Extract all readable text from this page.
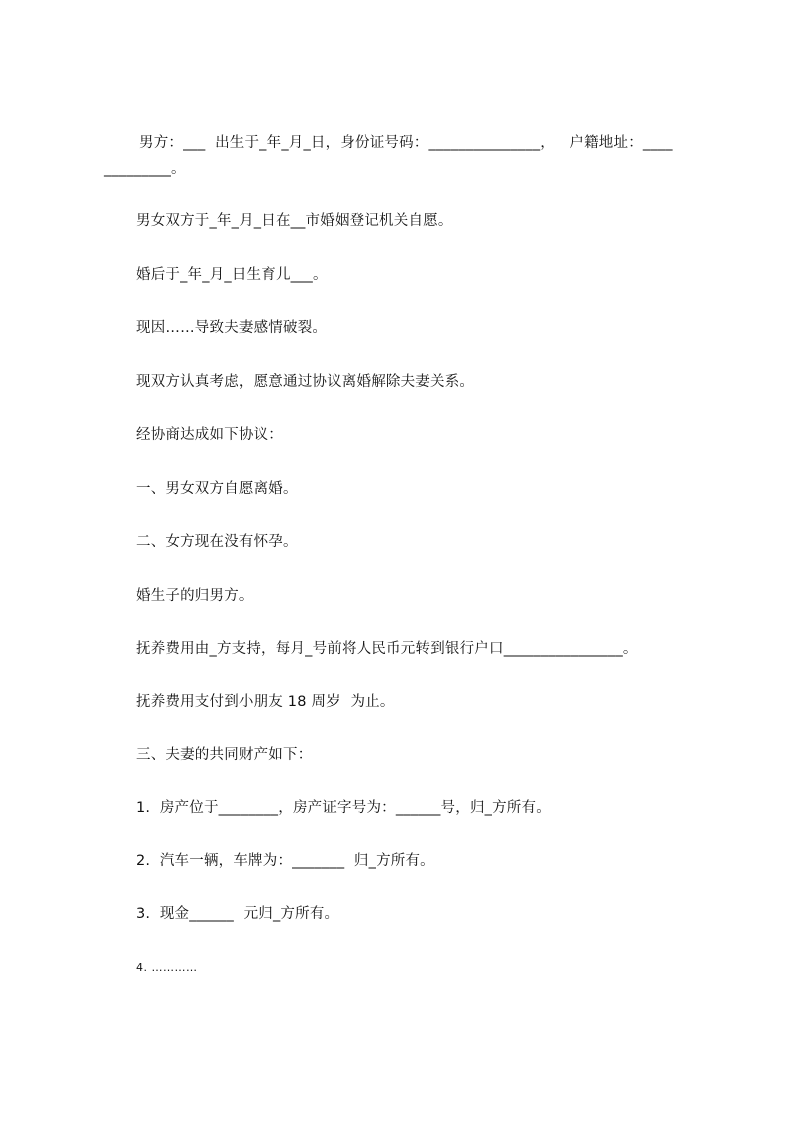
男方：___  出生于_年_月_日，身份证号码：_______________，   户籍地址：____
_________。
男女双方于_年_月_日在__市婚姻登记机关自愿。
婚后于_年_月_日生育儿___。
现因……导致夫妻感情破裂。
现双方认真考虑，愿意通过协议离婚解除夫妻关系。
经协商达成如下协议：
一、男女双方自愿离婚。
二、女方现在没有怀孕。
婚生子的归男方。
抚养费用由_方支持，每月_号前将人民币元转到银行户口________________。
抚养费用支付到小朋友 18 周岁  为止。
三、夫妻的共同财产如下：
1.  房产位于________，房产证字号为：______号，归_方所有。
2.  汽车一辆，车牌为：_______  归_方所有。
3.  现金______  元归_方所有。
4. …………
